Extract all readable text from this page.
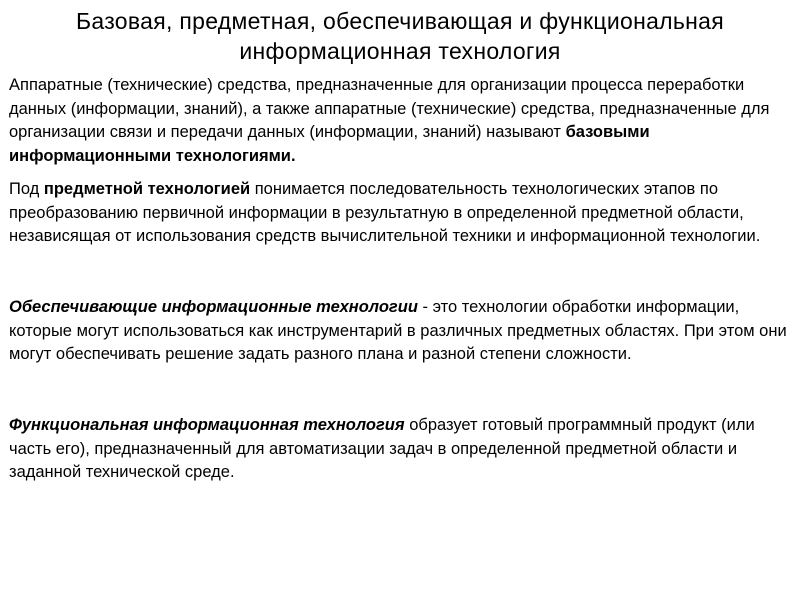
Базовая, предметная, обеспечивающая и функциональная
информационная технология
Аппаратные (технические) средства, предназначенные для организации процесса переработки данных (информации, знаний), а также аппаратные (технические) средства, предназначенные для организации связи и передачи данных (информации, знаний) называют базовыми информационными технологиями.
Под предметной технологией понимается последовательность технологических этапов по преобразованию первичной информации в результатную в определенной предметной области, независящая от использования средств вычислительной техники и информационной технологии.
Обеспечивающие информационные технологии - это технологии обработки информации, которые могут использоваться как инструментарий в различных предметных областях. При этом они могут обеспечивать решение задать разного плана и разной степени сложности.
Функциональная информационная технология образует готовый программный продукт (или часть его), предназначенный для автоматизации задач в определенной предметной области и заданной технической среде.
